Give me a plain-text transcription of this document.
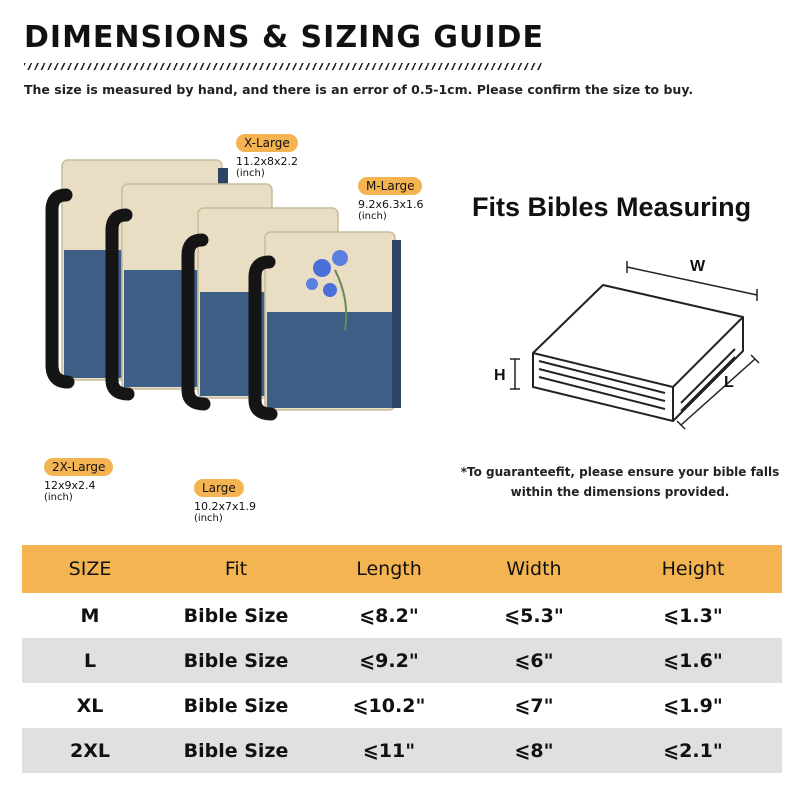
DIMENSIONS & SIZING GUIDE
The size is measured by hand, and there is an error of 0.5-1cm. Please confirm the size to buy.
X-Large
11.2x8x2.2
(inch)
M-Large
9.2x6.3x1.6
(inch)
2X-Large
12x9x2.4
(inch)
Large
10.2x7x1.9
(inch)
Fits Bibles Measuring
W
H	L
*To guaranteefit, please ensure your bible falls
within the dimensions provided.
SIZE	Fit	Length	Width	Height
M	Bible Size	⩽8.2"	⩽5.3"	⩽1.3"
L	Bible Size	⩽9.2"	⩽6"	⩽1.6"
XL	Bible Size	⩽10.2"	⩽7"	⩽1.9"
2XL	Bible Size	⩽11"	⩽8"	⩽2.1"
